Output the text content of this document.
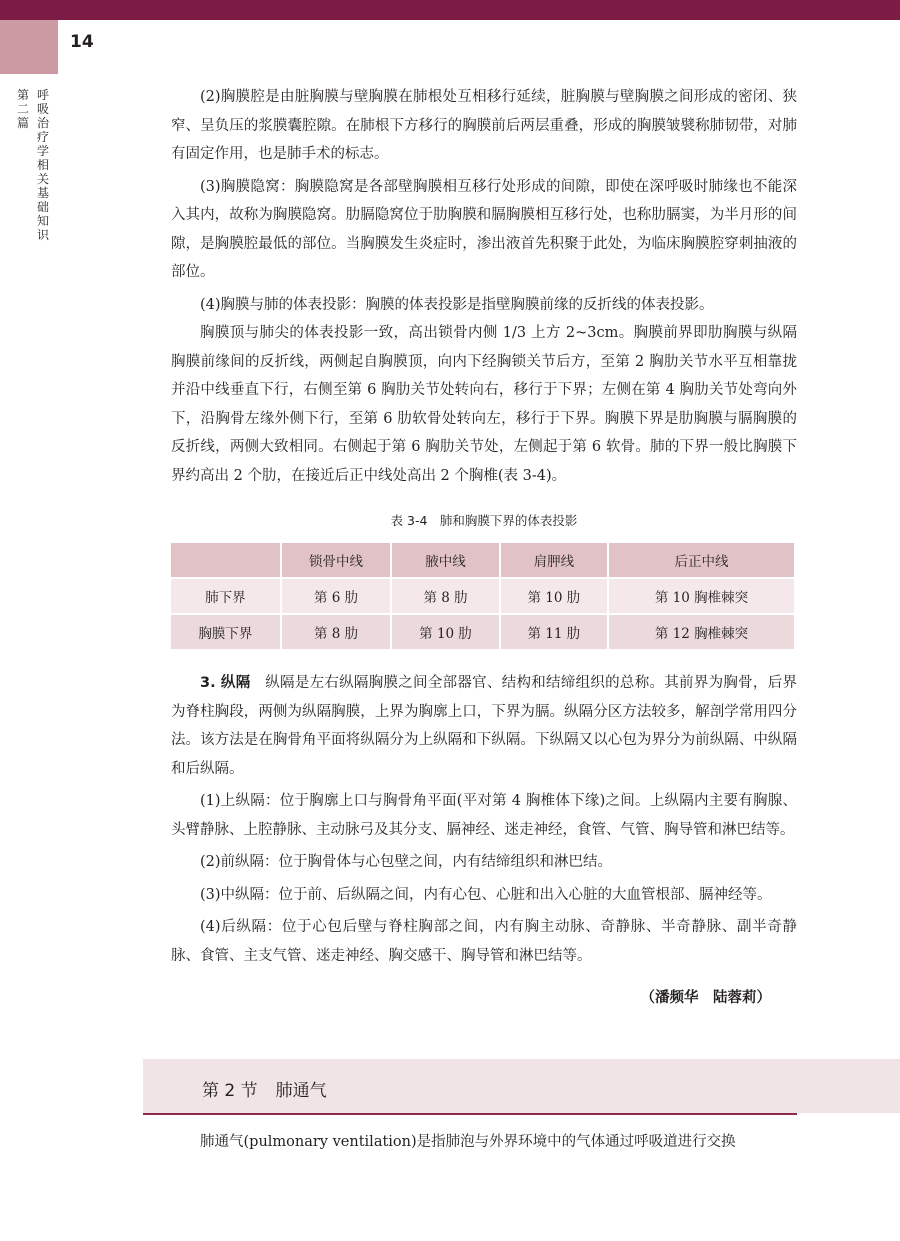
14
第二篇
呼吸治疗学相关基础知识

(2)胸膜腔是由脏胸膜与壁胸膜在肺根处互相移行延续，脏胸膜与壁胸膜之间形成的密闭、狭窄、呈负压的浆膜囊腔隙。在肺根下方移行的胸膜前后两层重叠，形成的胸膜皱襞称肺韧带，对肺有固定作用，也是肺手术的标志。

(3)胸膜隐窝：胸膜隐窝是各部壁胸膜相互移行处形成的间隙，即使在深呼吸时肺缘也不能深入其内，故称为胸膜隐窝。肋膈隐窝位于肋胸膜和膈胸膜相互移行处，也称肋膈窦，为半月形的间隙，是胸膜腔最低的部位。当胸膜发生炎症时，渗出液首先积聚于此处，为临床胸膜腔穿刺抽液的部位。

(4)胸膜与肺的体表投影：胸膜的体表投影是指壁胸膜前缘的反折线的体表投影。

胸膜顶与肺尖的体表投影一致，高出锁骨内侧 1/3 上方 2~3cm。胸膜前界即肋胸膜与纵隔胸膜前缘间的反折线，两侧起自胸膜顶，向内下经胸锁关节后方，至第 2 胸肋关节水平互相靠拢并沿中线垂直下行，右侧至第 6 胸肋关节处转向右，移行于下界；左侧在第 4 胸肋关节处弯向外下，沿胸骨左缘外侧下行，至第 6 肋软骨处转向左，移行于下界。胸膜下界是肋胸膜与膈胸膜的反折线，两侧大致相同。右侧起于第 6 胸肋关节处，左侧起于第 6 软骨。肺的下界一般比胸膜下界约高出 2 个肋，在接近后正中线处高出 2 个胸椎(表 3-4)。

表 3-4　肺和胸膜下界的体表投影
	锁骨中线	腋中线	肩胛线	后正中线
肺下界	第 6 肋	第 8 肋	第 10 肋	第 10 胸椎棘突
胸膜下界	第 8 肋	第 10 肋	第 11 肋	第 12 胸椎棘突

3. 纵隔　纵隔是左右纵隔胸膜之间全部器官、结构和结缔组织的总称。其前界为胸骨，后界为脊柱胸段，两侧为纵隔胸膜，上界为胸廓上口，下界为膈。纵隔分区方法较多，解剖学常用四分法。该方法是在胸骨角平面将纵隔分为上纵隔和下纵隔。下纵隔又以心包为界分为前纵隔、中纵隔和后纵隔。

(1)上纵隔：位于胸廓上口与胸骨角平面(平对第 4 胸椎体下缘)之间。上纵隔内主要有胸腺、头臂静脉、上腔静脉、主动脉弓及其分支、膈神经、迷走神经，食管、气管、胸导管和淋巴结等。

(2)前纵隔：位于胸骨体与心包壁之间，内有结缔组织和淋巴结。

(3)中纵隔：位于前、后纵隔之间，内有心包、心脏和出入心脏的大血管根部、膈神经等。

(4)后纵隔：位于心包后壁与脊柱胸部之间，内有胸主动脉、奇静脉、半奇静脉、副半奇静脉、食管、主支气管、迷走神经、胸交感干、胸导管和淋巴结等。

（潘频华　陆蓉莉）
第 2 节 肺通气

肺通气(pulmonary ventilation)是指肺泡与外界环境中的气体通过呼吸道进行交换
